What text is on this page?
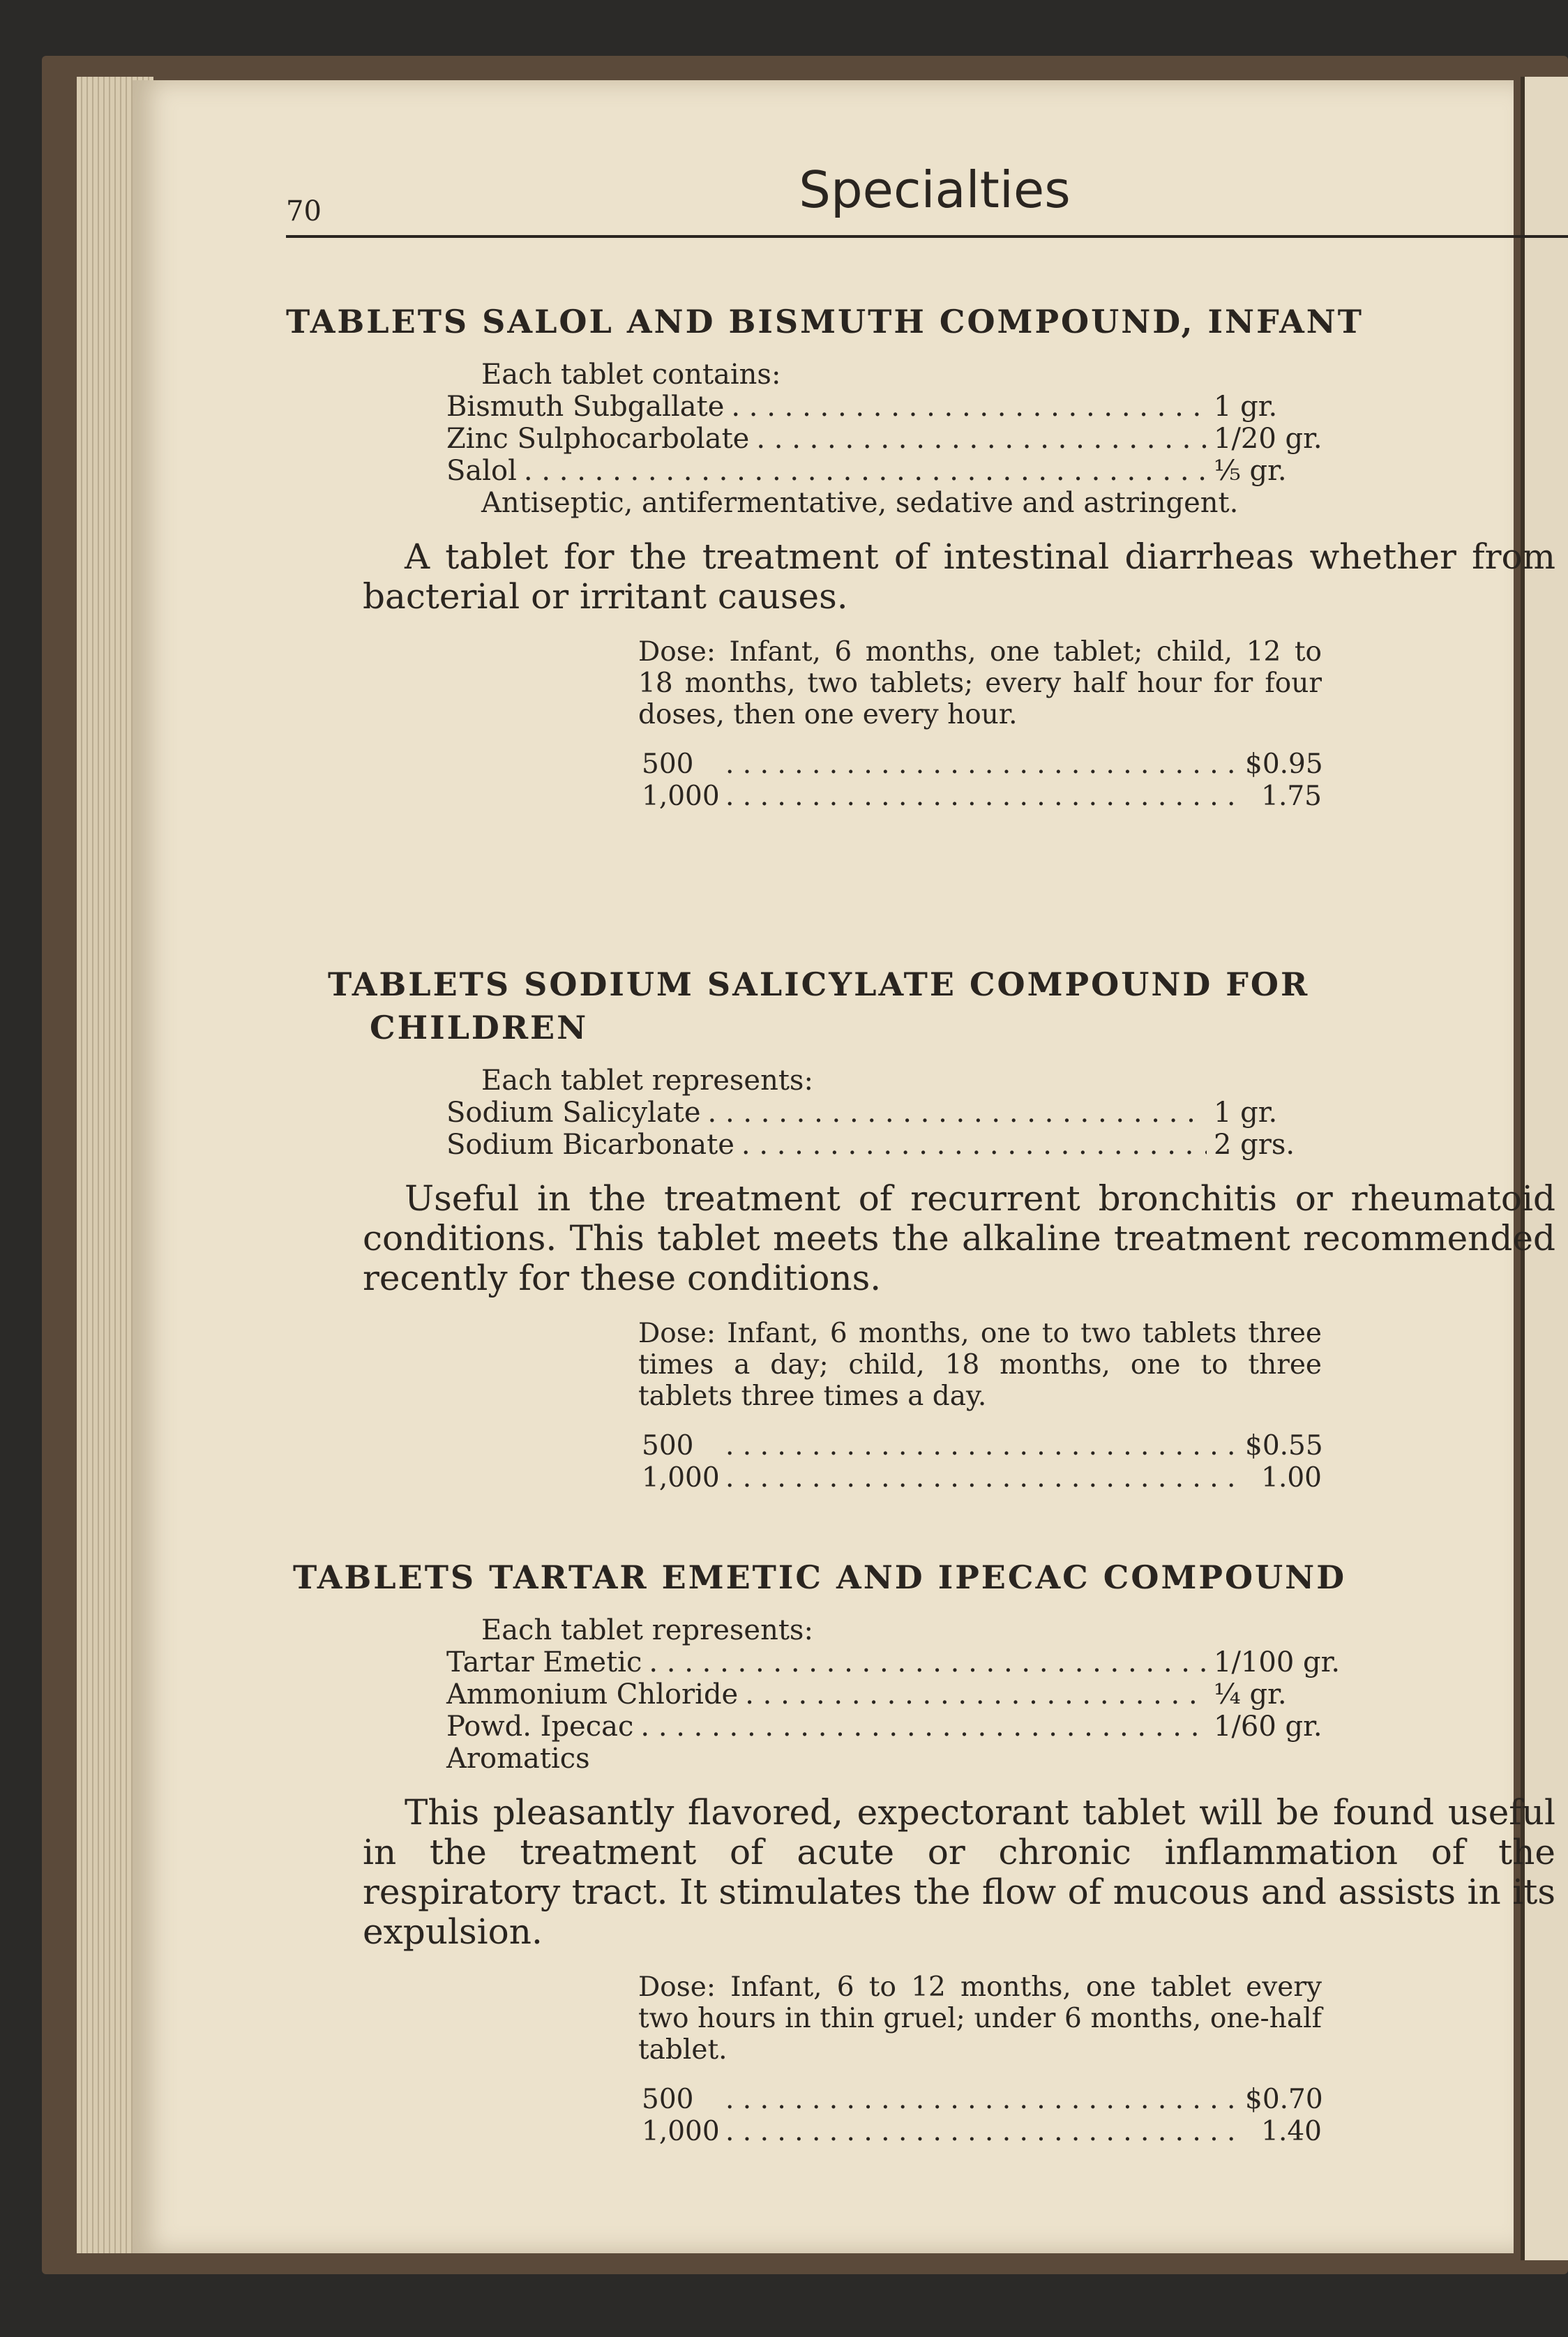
70	Specialties
TABLETS SALOL AND BISMUTH COMPOUND, INFANT
Each tablet contains:
Bismuth Subgallate . . .	1 gr.
Zinc Sulphocarbolate . . .	1/20 gr.
Salol . . .	⅕ gr.
Antiseptic, antifermentative, sedative and astringent.
A tablet for the treatment of intestinal diarrheas whether from bacterial or irritant causes.
Dose: Infant, 6 months, one tablet; child, 12 to 18 months, two tablets; every half hour for four doses, then one every hour.
500 . . .	$0.95
1,000 . . .	1.75
TABLETS SODIUM SALICYLATE COMPOUND FOR
CHILDREN
Each tablet represents:
Sodium Salicylate . . .	1 gr.
Sodium Bicarbonate . . .	2 grs.
Useful in the treatment of recurrent bronchitis or rheumatoid conditions. This tablet meets the alkaline treatment recommended recently for these conditions.
Dose: Infant, 6 months, one to two tablets three times a day; child, 18 months, one to three tablets three times a day.
500 . . .	$0.55
1,000 . . .	1.00
TABLETS TARTAR EMETIC AND IPECAC COMPOUND
Each tablet represents:
Tartar Emetic . . .	1/100 gr.
Ammonium Chloride . . .	¼ gr.
Powd. Ipecac . . .	1/60 gr.
Aromatics
This pleasantly flavored, expectorant tablet will be found useful in the treatment of acute or chronic inflammation of the respiratory tract. It stimulates the flow of mucous and assists in its expulsion.
Dose: Infant, 6 to 12 months, one tablet every two hours in thin gruel; under 6 months, one-half tablet.
500 . . .	$0.70
1,000 . . .	1.40
